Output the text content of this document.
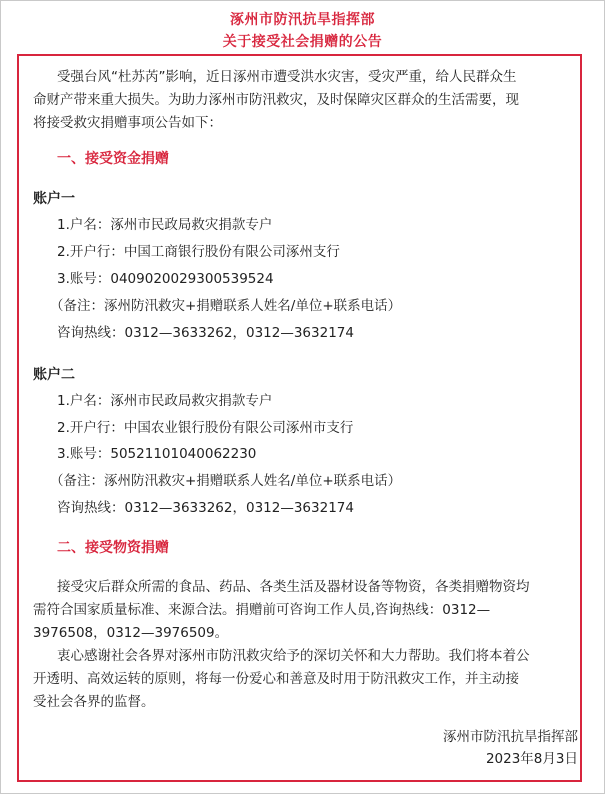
涿州市防汛抗旱指挥部
关于接受社会捐赠的公告
受强台风“杜苏芮”影响，近日涿州市遭受洪水灾害，受灾严重，给人民群众生
命财产带来重大损失。为助力涿州市防汛救灾，及时保障灾区群众的生活需要，现
将接受救灾捐赠事项公告如下：
一、接受资金捐赠
账户一
1.户名：涿州市民政局救灾捐款专户
2.开户行：中国工商银行股份有限公司涿州支行
3.账号：0409020029300539524
（备注：涿州防汛救灾+捐赠联系人姓名/单位+联系电话）
咨询热线：0312—3633262，0312—3632174
账户二
1.户名：涿州市民政局救灾捐款专户
2.开户行：中国农业银行股份有限公司涿州市支行
3.账号：50521101040062230
（备注：涿州防汛救灾+捐赠联系人姓名/单位+联系电话）
咨询热线：0312—3633262，0312—3632174
二、接受物资捐赠
接受灾后群众所需的食品、药品、各类生活及器材设备等物资，各类捐赠物资均
需符合国家质量标准、来源合法。捐赠前可咨询工作人员,咨询热线：0312—
3976508，0312—3976509。
衷心感谢社会各界对涿州市防汛救灾给予的深切关怀和大力帮助。我们将本着公
开透明、高效运转的原则，将每一份爱心和善意及时用于防汛救灾工作，并主动接
受社会各界的监督。
涿州市防汛抗旱指挥部
2023年8月3日
